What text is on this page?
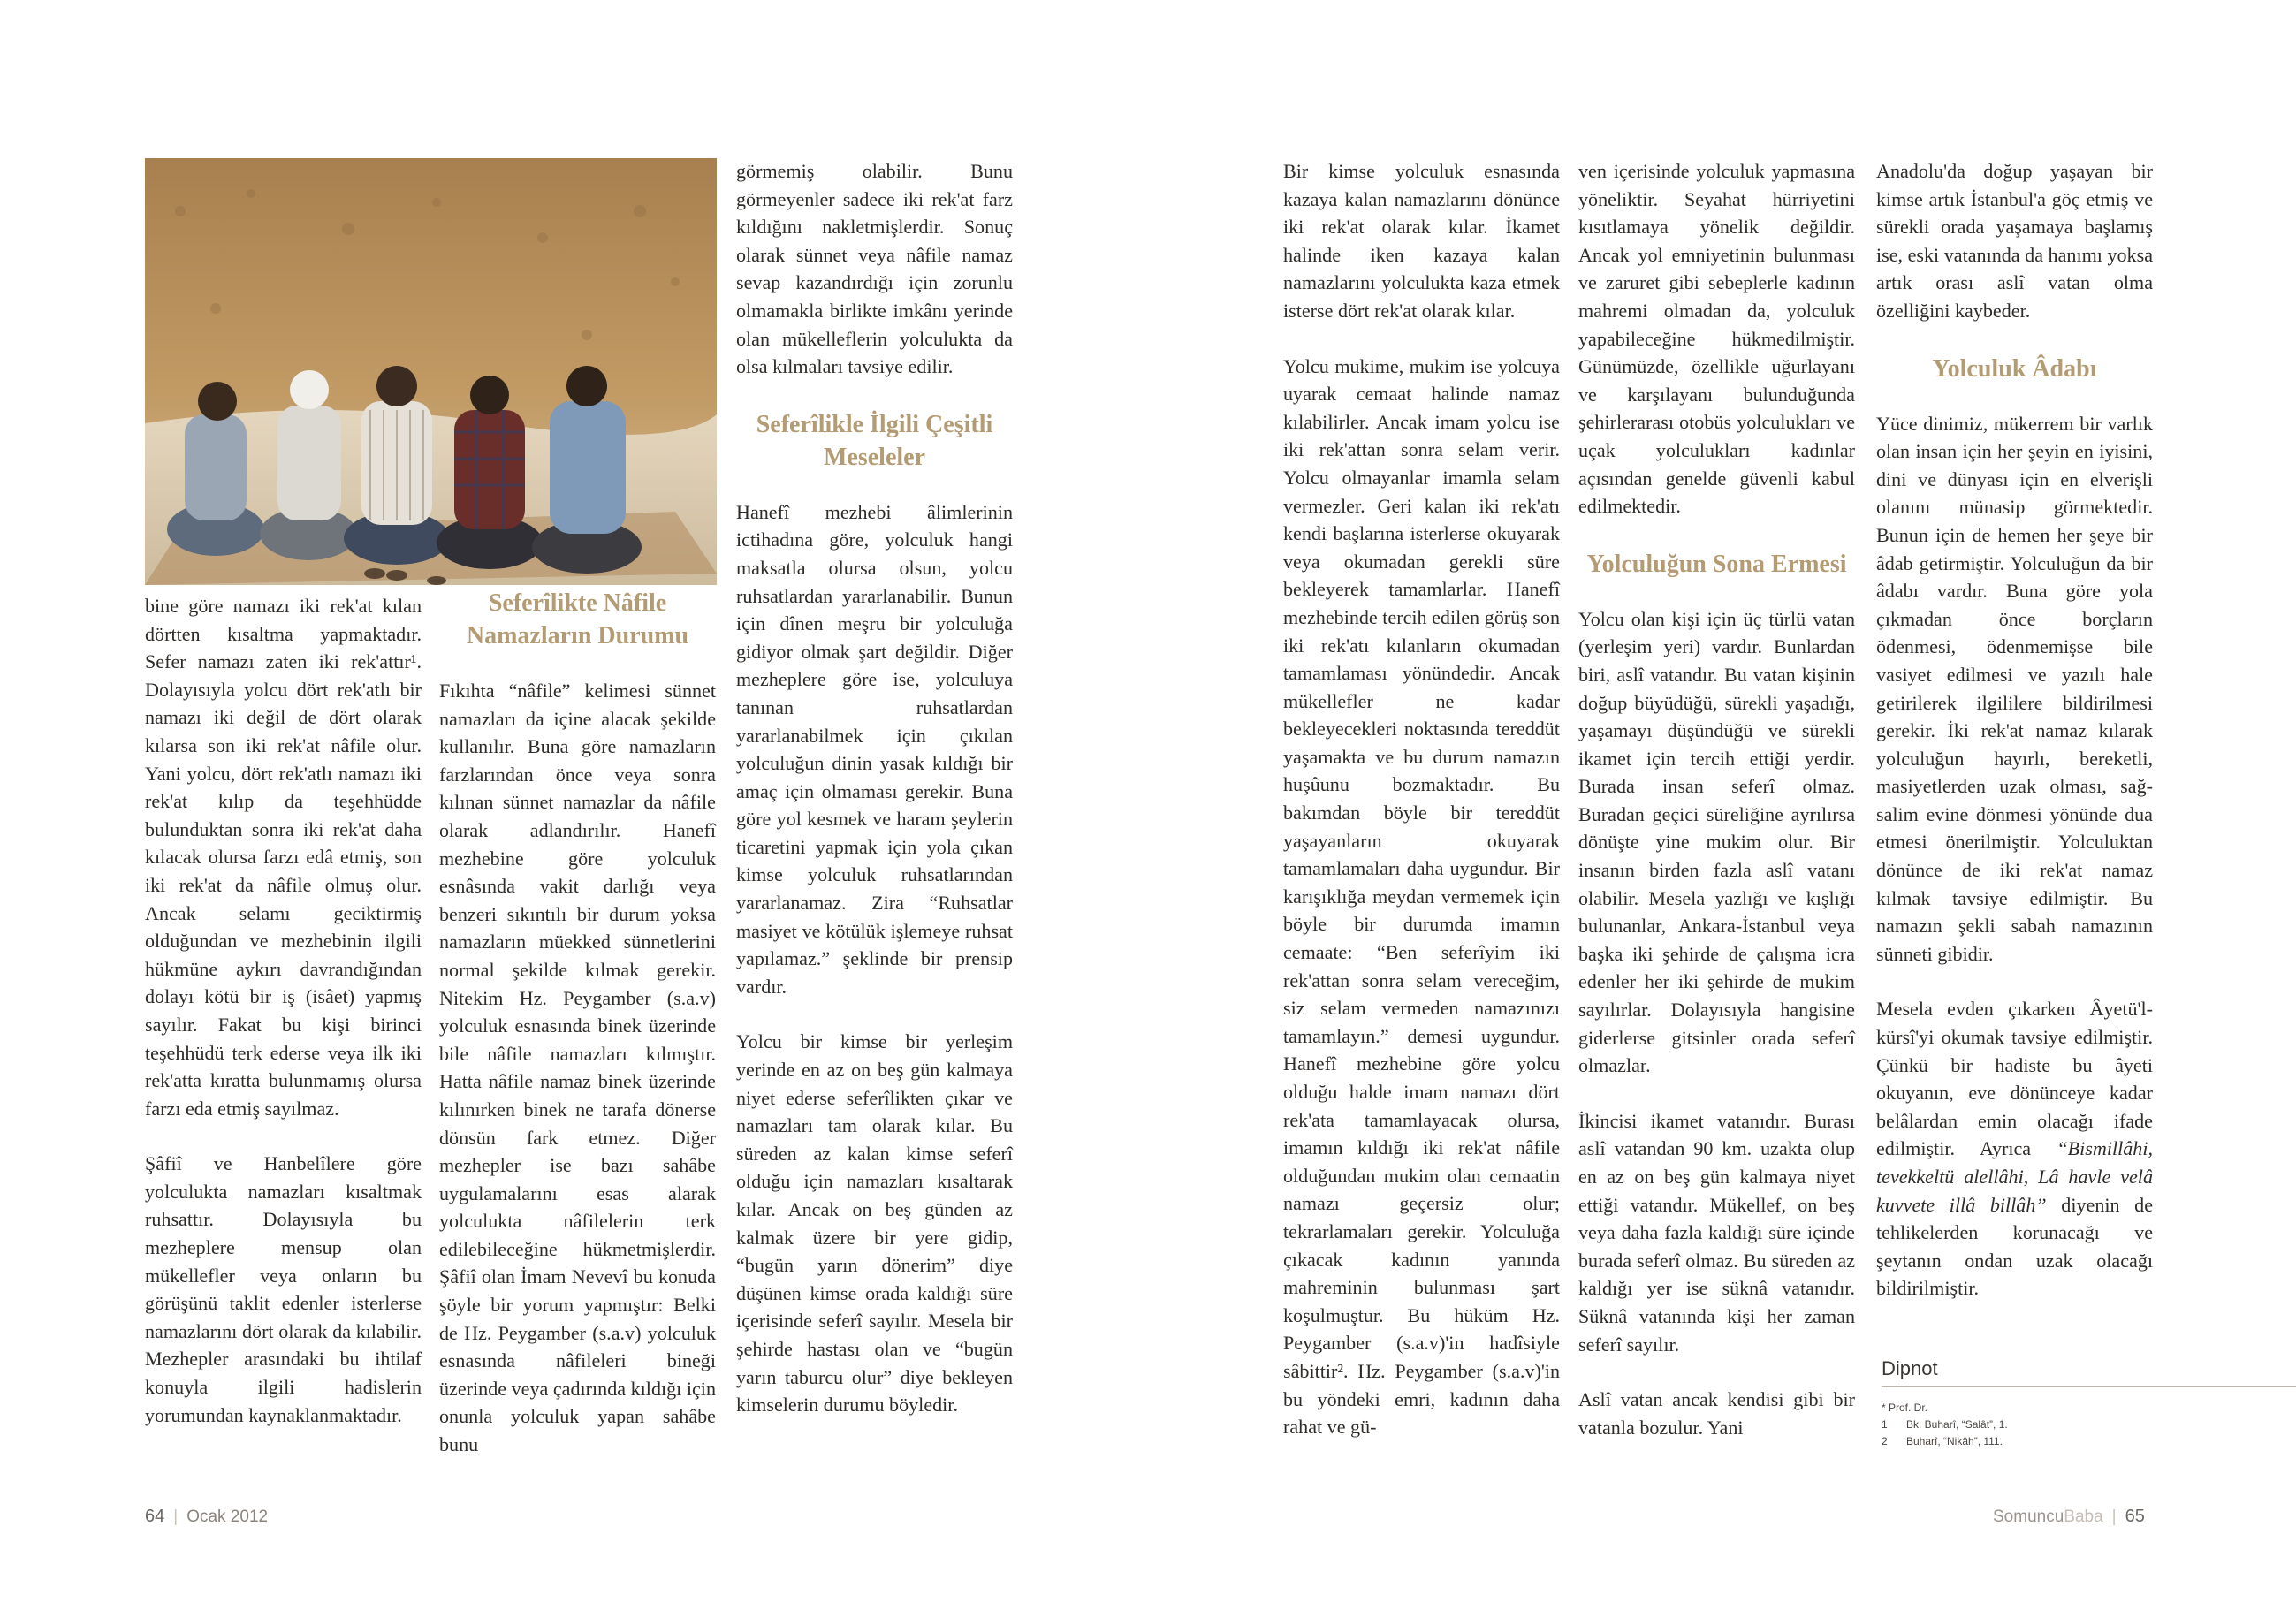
bine göre namazı iki rek'at kılan dörtten kısaltma yapmaktadır. Sefer namazı zaten iki rek'attır¹. Dolayısıyla yolcu dört rek'atlı bir namazı iki değil de dört olarak kılarsa son iki rek'at nâfile olur. Yani yolcu, dört rek'atlı namazı iki rek'at kılıp da teşehhüdde bulunduktan sonra iki rek'at daha kılacak olursa farzı edâ etmiş, son iki rek'at da nâfile olmuş olur. Ancak selamı geciktirmiş olduğundan ve mezhebinin ilgili hükmüne aykırı davrandığından dolayı kötü bir iş (isâet) yapmış sayılır. Fakat bu kişi birinci teşehhüdü terk ederse veya ilk iki rek'atta kıratta bulunmamış olursa farzı eda etmiş sayılmaz.

Şâfiî ve Hanbelîlere göre yolculukta namazları kısaltmak ruhsattır. Dolayısıyla bu mezheplere mensup olan mükellefler veya onların bu görüşünü taklit edenler isterlerse namazlarını dört olarak da kılabilir. Mezhepler arasındaki bu ihtilaf konuyla ilgili hadislerin yorumundan kaynaklanmaktadır.

Seferîlikte Nâfile Namazların Durumu

Fıkıhta “nâfile” kelimesi sünnet namazları da içine alacak şekilde kullanılır. Buna göre namazların farzlarından önce veya sonra kılınan sünnet namazlar da nâfile olarak adlandırılır. Hanefî mezhebine göre yolculuk esnâsında vakit darlığı veya benzeri sıkıntılı bir durum yoksa namazların müekked sünnetlerini normal şekilde kılmak gerekir. Nitekim Hz. Peygamber (s.a.v) yolculuk esnasında binek üzerinde bile nâfile namazları kılmıştır. Hatta nâfile namaz binek üzerinde kılınırken binek ne tarafa dönerse dönsün fark etmez. Diğer mezhepler ise bazı sahâbe uygulamalarını esas alarak yolculukta nâfilelerin terk edilebileceğine hükmetmişlerdir. Şâfiî olan İmam Nevevî bu konuda şöyle bir yorum yapmıştır: Belki de Hz. Peygamber (s.a.v) yolculuk esnasında nâfileleri bineği üzerinde veya çadırında kıldığı için onunla yolculuk yapan sahâbe bunu

görmemiş olabilir. Bunu görmeyenler sadece iki rek'at farz kıldığını nakletmişlerdir. Sonuç olarak sünnet veya nâfile namaz sevap kazandırdığı için zorunlu olmamakla birlikte imkânı yerinde olan mükelleflerin yolculukta da olsa kılmaları tavsiye edilir.

Seferîlikle İlgili Çeşitli Meseleler

Hanefî mezhebi âlimlerinin ictihadına göre, yolculuk hangi maksatla olursa olsun, yolcu ruhsatlardan yararlanabilir. Bunun için dînen meşru bir yolculuğa gidiyor olmak şart değildir. Diğer mezheplere göre ise, yolculuya tanınan ruhsatlardan yararlanabilmek için çıkılan yolculuğun dinin yasak kıldığı bir amaç için olmaması gerekir. Buna göre yol kesmek ve haram şeylerin ticaretini yapmak için yola çıkan kimse yolculuk ruhsatlarından yararlanamaz. Zira “Ruhsatlar masiyet ve kötülük işlemeye ruhsat yapılamaz.” şeklinde bir prensip vardır.

Yolcu bir kimse bir yerleşim yerinde en az on beş gün kalmaya niyet ederse seferîlikten çıkar ve namazları tam olarak kılar. Bu süreden az kalan kimse seferî olduğu için namazları kısaltarak kılar. Ancak on beş günden az kalmak üzere bir yere gidip, “bugün yarın dönerim” diye düşünen kimse orada kaldığı süre içerisinde seferî sayılır. Mesela bir şehirde hastası olan ve “bugün yarın taburcu olur” diye bekleyen kimselerin durumu böyledir.

Bir kimse yolculuk esnasında kazaya kalan namazlarını dönünce iki rek'at olarak kılar. İkamet halinde iken kazaya kalan namazlarını yolculukta kaza etmek isterse dört rek'at olarak kılar.

Yolcu mukime, mukim ise yolcuya uyarak cemaat halinde namaz kılabilirler. Ancak imam yolcu ise iki rek'attan sonra selam verir. Yolcu olmayanlar imamla selam vermezler. Geri kalan iki rek'atı kendi başlarına isterlerse okuyarak veya okumadan gerekli süre bekleyerek tamamlarlar. Hanefî mezhebinde tercih edilen görüş son iki rek'atı kılanların okumadan tamamlaması yönündedir. Ancak mükellefler ne kadar bekleyecekleri noktasında tereddüt yaşamakta ve bu durum namazın huşûunu bozmaktadır. Bu bakımdan böyle bir tereddüt yaşayanların okuyarak tamamlamaları daha uygundur. Bir karışıklığa meydan vermemek için böyle bir durumda imamın cemaate: “Ben seferîyim iki rek'attan sonra selam vereceğim, siz selam vermeden namazınızı tamamlayın.” demesi uygundur. Hanefî mezhebine göre yolcu olduğu halde imam namazı dört rek'ata tamamlayacak olursa, imamın kıldığı iki rek'at nâfile olduğundan mukim olan cemaatin namazı geçersiz olur; tekrarlamaları gerekir. Yolculuğa çıkacak kadının yanında mahreminin bulunması şart koşulmuştur. Bu hüküm Hz. Peygamber (s.a.v)'in hadîsiyle sâbittir². Hz. Peygamber (s.a.v)'in bu yöndeki emri, kadının daha rahat ve gü-

ven içerisinde yolculuk yapmasına yöneliktir. Seyahat hürriyetini kısıtlamaya yönelik değildir. Ancak yol emniyetinin bulunması ve zaruret gibi sebeplerle kadının mahremi olmadan da, yolculuk yapabileceğine hükmedilmiştir. Günümüzde, özellikle uğurlayanı ve karşılayanı bulunduğunda şehirlerarası otobüs yolculukları ve uçak yolculukları kadınlar açısından genelde güvenli kabul edilmektedir.

Yolculuğun Sona Ermesi

Yolcu olan kişi için üç türlü vatan (yerleşim yeri) vardır. Bunlardan biri, aslî vatandır. Bu vatan kişinin doğup büyüdüğü, sürekli yaşadığı, yaşamayı düşündüğü ve sürekli ikamet için tercih ettiği yerdir. Burada insan seferî olmaz. Buradan geçici süreliğine ayrılırsa dönüşte yine mukim olur. Bir insanın birden fazla aslî vatanı olabilir. Mesela yazlığı ve kışlığı bulunanlar, Ankara-İstanbul veya başka iki şehirde de çalışma icra edenler her iki şehirde de mukim sayılırlar. Dolayısıyla hangisine giderlerse gitsinler orada seferî olmazlar.

İkincisi ikamet vatanıdır. Burası aslî vatandan 90 km. uzakta olup en az on beş gün kalmaya niyet ettiği vatandır. Mükellef, on beş veya daha fazla kaldığı süre içinde burada seferî olmaz. Bu süreden az kaldığı yer ise süknâ vatanıdır. Süknâ vatanında kişi her zaman seferî sayılır.

Aslî vatan ancak kendisi gibi bir vatanla bozulur. Yani

Anadolu'da doğup yaşayan bir kimse artık İstanbul'a göç etmiş ve sürekli orada yaşamaya başlamış ise, eski vatanında da hanımı yoksa artık orası aslî vatan olma özelliğini kaybeder.

Yolculuk Âdabı

Yüce dinimiz, mükerrem bir varlık olan insan için her şeyin en iyisini, dini ve dünyası için en elverişli olanını münasip görmektedir. Bunun için de hemen her şeye bir âdab getirmiştir. Yolculuğun da bir âdabı vardır. Buna göre yola çıkmadan önce borçların ödenmesi, ödenmemişse bile vasiyet edilmesi ve yazılı hale getirilerek ilgililere bildirilmesi gerekir. İki rek'at namaz kılarak yolculuğun hayırlı, bereketli, masiyetlerden uzak olması, sağ-salim evine dönmesi yönünde dua etmesi önerilmiştir. Yolculuktan dönünce de iki rek'at namaz kılmak tavsiye edilmiştir. Bu namazın şekli sabah namazının sünneti gibidir.

Mesela evden çıkarken Âyetü'l-kürsî'yi okumak tavsiye edilmiştir. Çünkü bir hadiste bu âyeti okuyanın, eve dönünceye kadar belâlardan emin olacağı ifade edilmiştir. Ayrıca “Bismillâhi, tevekkeltü alellâhi, Lâ havle velâ kuvvete illâ billâh” diyenin de tehlikelerden korunacağı ve şeytanın ondan uzak olacağı bildirilmiştir.

Dipnot
* Prof. Dr.
1 Bk. Buharî, “Salât”, 1.
2 Buharî, “Nikâh”, 111.
64 | Ocak 2012	SomuncuBaba | 65
